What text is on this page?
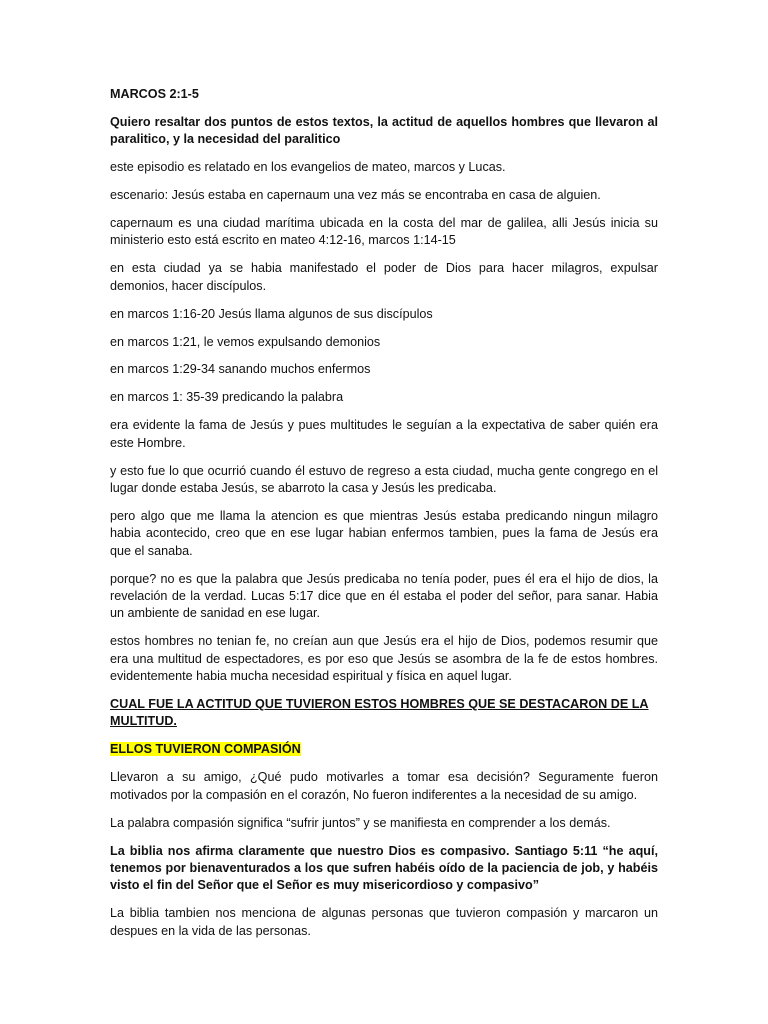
MARCOS 2:1-5

Quiero resaltar dos puntos de estos textos, la actitud de aquellos hombres que llevaron al paralitico, y la necesidad del paralitico

este episodio es relatado en los evangelios de mateo, marcos y Lucas.

escenario: Jesús estaba en capernaum una vez más se encontraba en casa de alguien.

capernaum es una ciudad marítima ubicada en la costa del mar de galilea, alli Jesús inicia su ministerio esto está escrito en mateo 4:12-16, marcos 1:14-15

en esta ciudad ya se habia manifestado el poder de Dios para hacer milagros, expulsar demonios, hacer discípulos.

en marcos 1:16-20 Jesús llama algunos de sus discípulos

en marcos 1:21, le vemos expulsando demonios

en marcos 1:29-34 sanando muchos enfermos

en marcos 1: 35-39 predicando la palabra

era evidente la fama de Jesús y pues multitudes le seguían a la expectativa de saber quién era este Hombre.

y esto fue lo que ocurrió cuando él estuvo de regreso a esta ciudad, mucha gente congrego en el lugar donde estaba Jesús, se abarroto la casa y Jesús les predicaba.

pero algo que me llama la atencion es que mientras Jesús estaba predicando ningun milagro habia acontecido, creo que en ese lugar habian enfermos tambien, pues la fama de Jesús era que el sanaba.

porque? no es que la palabra que Jesús predicaba no tenía poder, pues él era el hijo de dios, la revelación de la verdad. Lucas 5:17 dice que en él estaba el poder del señor, para sanar. Habia un ambiente de sanidad en ese lugar.

estos hombres no tenian fe, no creían aun que Jesús era el hijo de Dios, podemos resumir que era una multitud de espectadores, es por eso que Jesús se asombra de la fe de estos hombres. evidentemente habia mucha necesidad espiritual y física en aquel lugar.

CUAL FUE LA ACTITUD QUE TUVIERON ESTOS HOMBRES QUE SE DESTACARON DE LA MULTITUD.

ELLOS TUVIERON COMPASIÓN

Llevaron a su amigo, ¿Qué pudo motivarles a tomar esa decisión? Seguramente fueron motivados por la compasión en el corazón, No fueron indiferentes a la necesidad de su amigo.

La palabra compasión significa “sufrir juntos” y se manifiesta en comprender a los demás.

La biblia nos afirma claramente que nuestro Dios es compasivo. Santiago 5:11 “he aquí, tenemos por bienaventurados a los que sufren habéis oído de la paciencia de job, y habéis visto el fin del Señor que el Señor es muy misericordioso y compasivo”

La biblia tambien nos menciona de algunas personas que tuvieron compasión y marcaron un despues en la vida de las personas.
